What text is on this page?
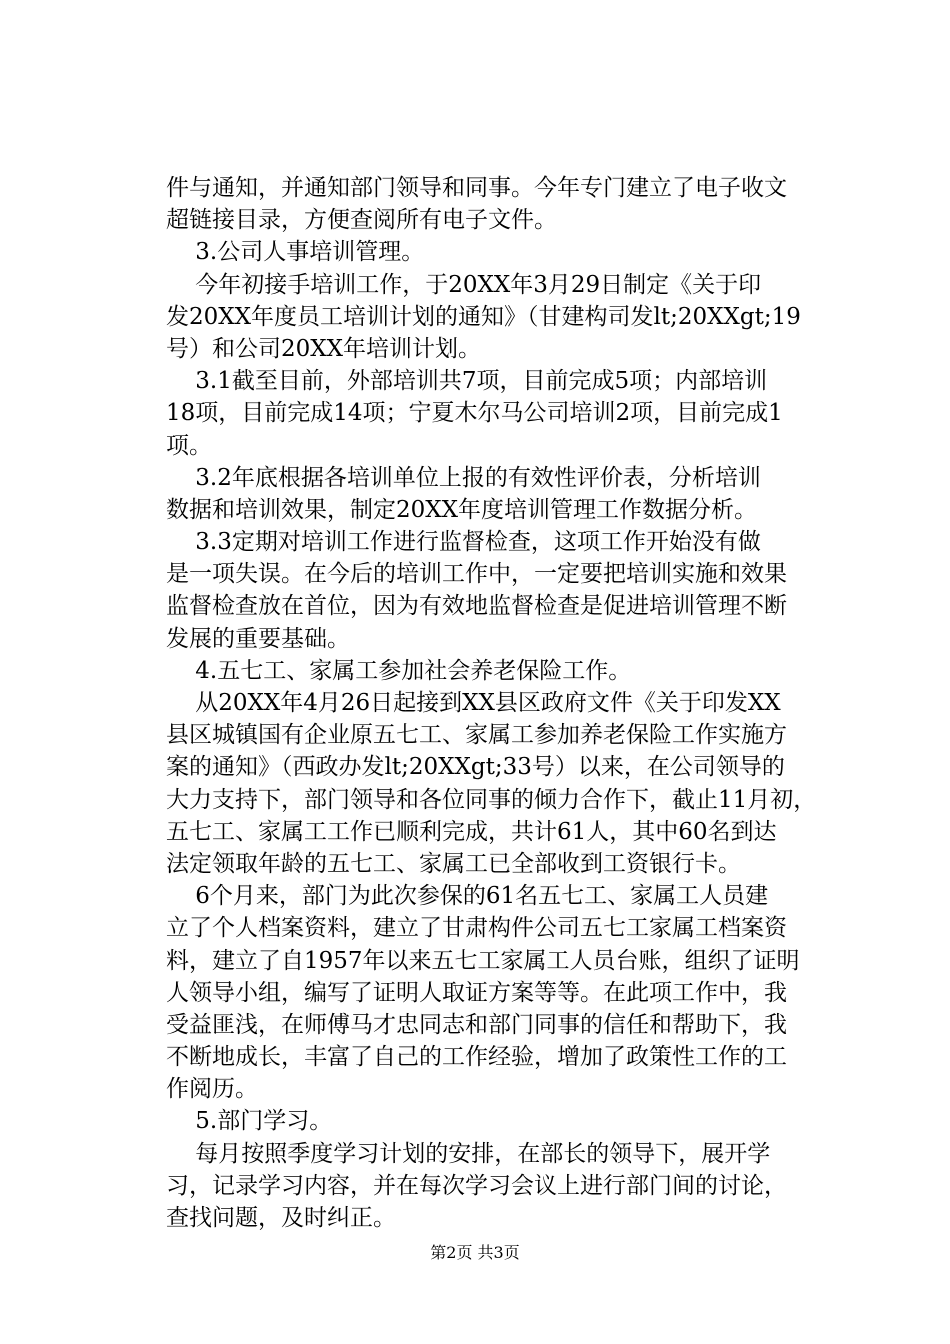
件与通知，并通知部门领导和同事。今年专门建立了电子收文
超链接目录，方便查阅所有电子文件。
3.公司人事培训管理。
今年初接手培训工作，于20XX年3月29日制定《关于印
发20XX年度员工培训计划的通知》（甘建构司发lt;20XXgt;19
号）和公司20XX年培训计划。
3.1截至目前，外部培训共7项，目前完成5项；内部培训
18项，目前完成14项；宁夏木尔马公司培训2项，目前完成1
项。
3.2年底根据各培训单位上报的有效性评价表，分析培训
数据和培训效果，制定20XX年度培训管理工作数据分析。
3.3定期对培训工作进行监督检查，这项工作开始没有做
是一项失误。在今后的培训工作中，一定要把培训实施和效果
监督检查放在首位，因为有效地监督检查是促进培训管理不断
发展的重要基础。
4.五七工、家属工参加社会养老保险工作。
从20XX年4月26日起接到XX县区政府文件《关于印发XX
县区城镇国有企业原五七工、家属工参加养老保险工作实施方
案的通知》（西政办发lt;20XXgt;33号）以来，在公司领导的
大力支持下，部门领导和各位同事的倾力合作下，截止11月初，
五七工、家属工工作已顺利完成，共计61人，其中60名到达
法定领取年龄的五七工、家属工已全部收到工资银行卡。
6个月来，部门为此次参保的61名五七工、家属工人员建
立了个人档案资料，建立了甘肃构件公司五七工家属工档案资
料，建立了自1957年以来五七工家属工人员台账，组织了证明
人领导小组，编写了证明人取证方案等等。在此项工作中，我
受益匪浅，在师傅马才忠同志和部门同事的信任和帮助下，我
不断地成长，丰富了自己的工作经验，增加了政策性工作的工
作阅历。
5.部门学习。
每月按照季度学习计划的安排，在部长的领导下，展开学
习，记录学习内容，并在每次学习会议上进行部门间的讨论，
查找问题，及时纠正。
第2页 共3页
